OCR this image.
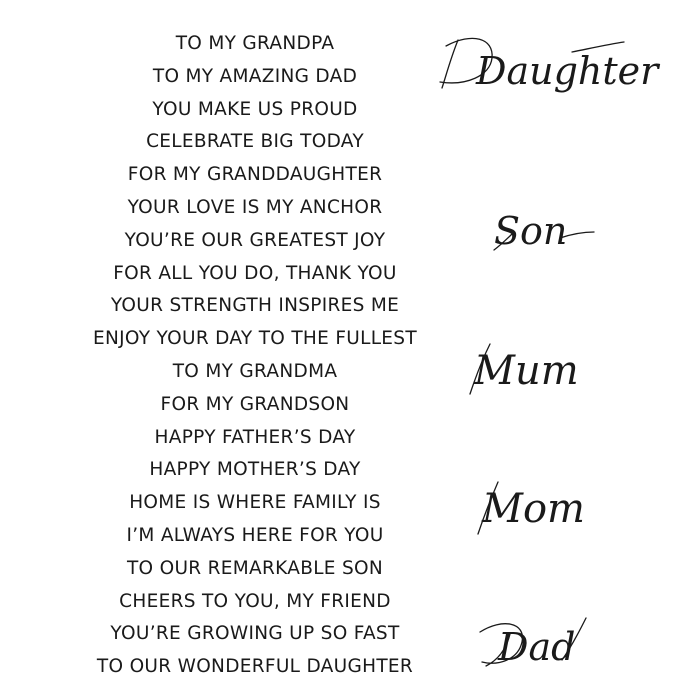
TO MY GRANDPA
TO MY AMAZING DAD
YOU MAKE US PROUD
CELEBRATE BIG TODAY
FOR MY GRANDDAUGHTER
YOUR LOVE IS MY ANCHOR
YOU’RE OUR GREATEST JOY
FOR ALL YOU DO, THANK YOU
YOUR STRENGTH INSPIRES ME
ENJOY YOUR DAY TO THE FULLEST
TO MY GRANDMA
FOR MY GRANDSON
HAPPY FATHER’S DAY
HAPPY MOTHER’S DAY
HOME IS WHERE FAMILY IS
I’M ALWAYS HERE FOR YOU
TO OUR REMARKABLE SON
CHEERS TO YOU, MY FRIEND
YOU’RE GROWING UP SO FAST
TO OUR WONDERFUL DAUGHTER
Daughter
Son
Mum
Mom
Dad
